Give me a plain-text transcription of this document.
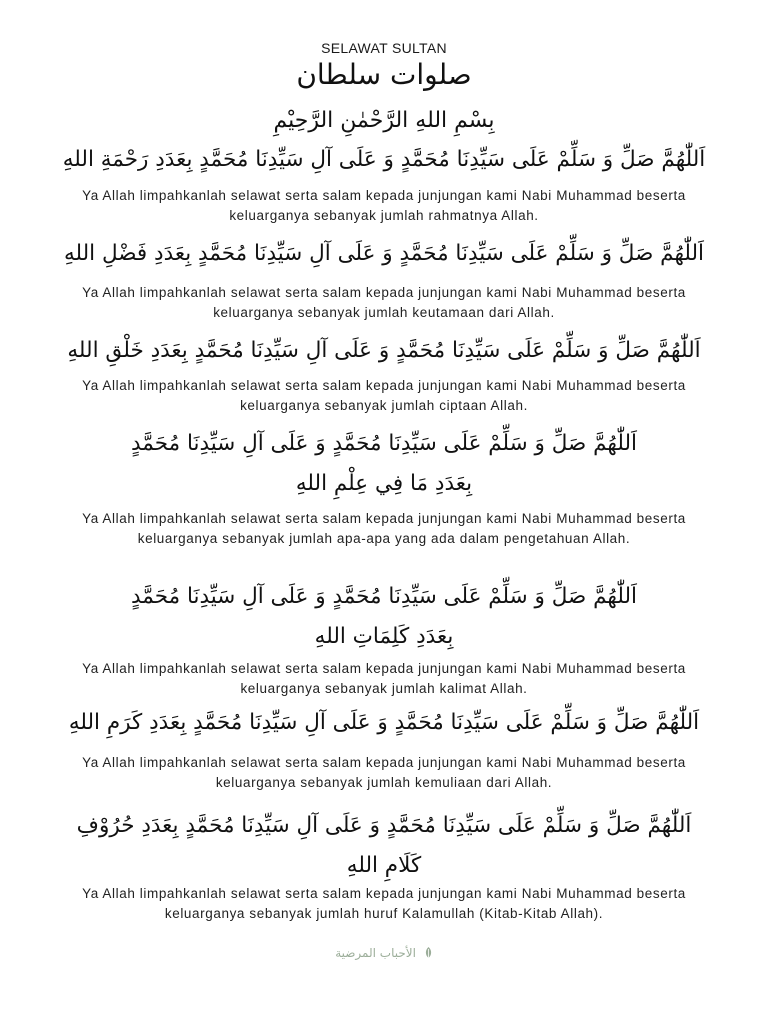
SELAWAT SULTAN
صلوات سلطان
بِسْمِ اللهِ الرَّحْمٰنِ الرَّحِيْمِ
اَللّٰهُمَّ صَلِّ وَ سَلِّمْ عَلَى سَيِّدِنَا مُحَمَّدٍ وَ عَلَى آلِ سَيِّدِنَا مُحَمَّدٍ بِعَدَدِ رَحْمَةِ اللهِ
Ya Allah limpahkanlah selawat serta salam kepada junjungan kami Nabi Muhammad beserta keluarganya sebanyak jumlah rahmatnya Allah.
اَللّٰهُمَّ صَلِّ وَ سَلِّمْ عَلَى سَيِّدِنَا مُحَمَّدٍ وَ عَلَى آلِ سَيِّدِنَا مُحَمَّدٍ بِعَدَدِ فَضْلِ اللهِ
Ya Allah limpahkanlah selawat serta salam kepada junjungan kami Nabi Muhammad beserta keluarganya sebanyak jumlah keutamaan dari Allah.
اَللّٰهُمَّ صَلِّ وَ سَلِّمْ عَلَى سَيِّدِنَا مُحَمَّدٍ وَ عَلَى آلِ سَيِّدِنَا مُحَمَّدٍ بِعَدَدِ خَلْقِ اللهِ
Ya Allah limpahkanlah selawat serta salam kepada junjungan kami Nabi Muhammad beserta keluarganya sebanyak jumlah ciptaan Allah.
اَللّٰهُمَّ صَلِّ وَ سَلِّمْ عَلَى سَيِّدِنَا مُحَمَّدٍ وَ عَلَى آلِ سَيِّدِنَا مُحَمَّدٍ بِعَدَدِ مَا فِي عِلْمِ اللهِ
Ya Allah limpahkanlah selawat serta salam kepada junjungan kami Nabi Muhammad beserta keluarganya sebanyak jumlah apa-apa yang ada dalam pengetahuan Allah.
اَللّٰهُمَّ صَلِّ وَ سَلِّمْ عَلَى سَيِّدِنَا مُحَمَّدٍ وَ عَلَى آلِ سَيِّدِنَا مُحَمَّدٍ بِعَدَدِ كَلِمَاتِ اللهِ
Ya Allah limpahkanlah selawat serta salam kepada junjungan kami Nabi Muhammad beserta keluarganya sebanyak jumlah kalimat Allah.
اَللّٰهُمَّ صَلِّ وَ سَلِّمْ عَلَى سَيِّدِنَا مُحَمَّدٍ وَ عَلَى آلِ سَيِّدِنَا مُحَمَّدٍ بِعَدَدِ كَرَمِ اللهِ
Ya Allah limpahkanlah selawat serta salam kepada junjungan kami Nabi Muhammad beserta keluarganya sebanyak jumlah kemuliaan dari Allah.
اَللّٰهُمَّ صَلِّ وَ سَلِّمْ عَلَى سَيِّدِنَا مُحَمَّدٍ وَ عَلَى آلِ سَيِّدِنَا مُحَمَّدٍ بِعَدَدِ حُرُوْفِ كَلَامِ اللهِ
Ya Allah limpahkanlah selawat serta salam kepada junjungan kami Nabi Muhammad beserta keluarganya sebanyak jumlah huruf Kalamullah (Kitab-Kitab Allah).
الأحباب المرضية
